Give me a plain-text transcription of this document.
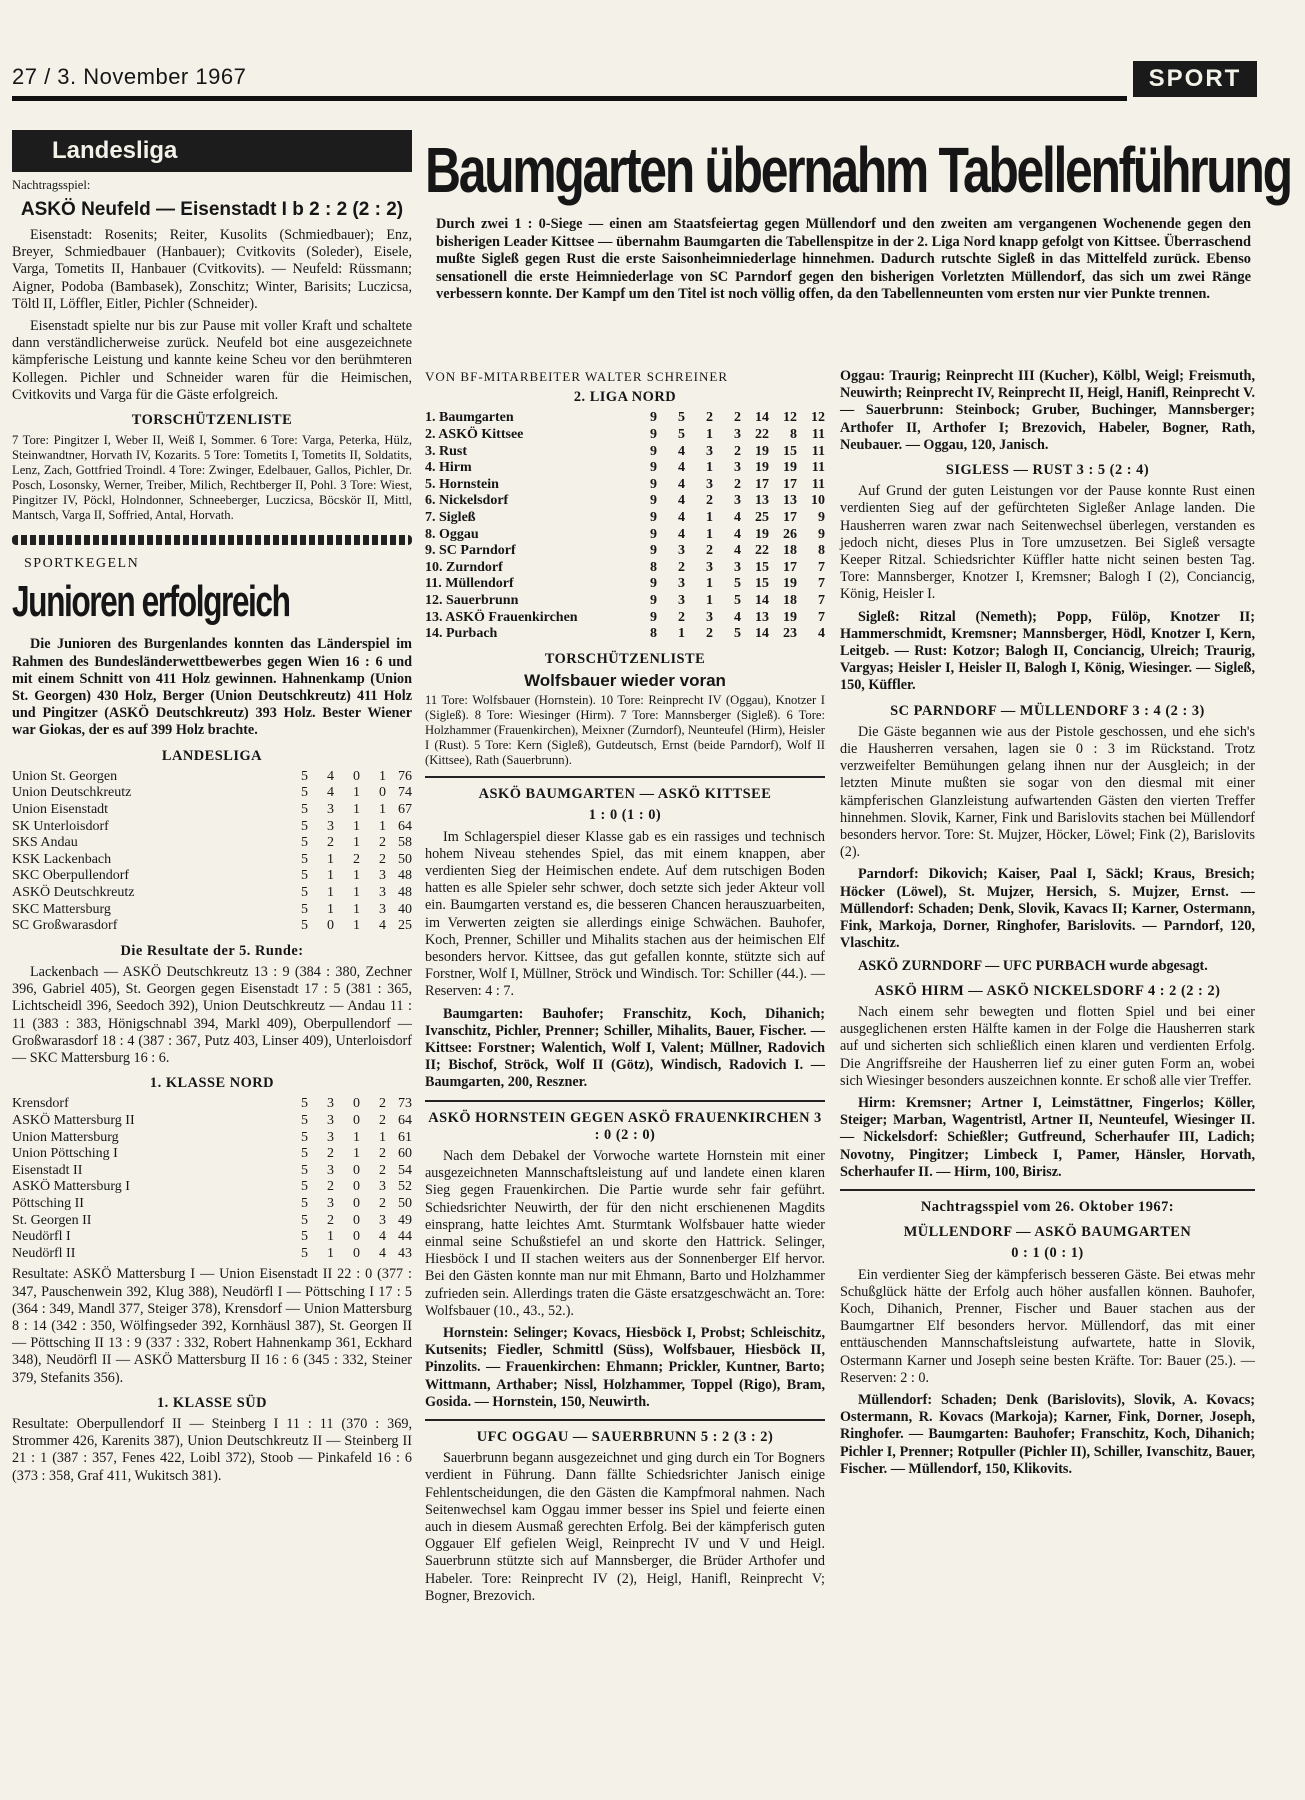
27 / 3. November 1967	SPORT
Landesliga
Nachtragsspiel:
ASKÖ Neufeld — Eisenstadt I b 2 : 2 (2 : 2)

Eisenstadt: Rosenits; Reiter, Kusolits (Schmiedbauer); Enz, Breyer, Schmiedbauer (Hanbauer); Cvitkovits (Soleder), Eisele, Varga, Tometits II, Hanbauer (Cvitkovits). — Neufeld: Rüssmann; Aigner, Podoba (Bambasek), Zonschitz; Winter, Barisits; Luczicsa, Töltl II, Löffler, Eitler, Pichler (Schneider).

Eisenstadt spielte nur bis zur Pause mit voller Kraft und schaltete dann verständlicherweise zurück. Neufeld bot eine ausgezeichnete kämpferische Leistung und kannte keine Scheu vor den berühmteren Kollegen. Pichler und Schneider waren für die Heimischen, Cvitkovits und Varga für die Gäste erfolgreich.

TORSCHÜTZENLISTE

7 Tore: Pingitzer I, Weber II, Weiß I, Sommer. 6 Tore: Varga, Peterka, Hülz, Steinwandtner, Horvath IV, Kozarits. 5 Tore: Tometits I, Tometits II, Soldatits, Lenz, Zach, Gottfried Troindl. 4 Tore: Zwinger, Edelbauer, Gallos, Pichler, Dr. Posch, Losonsky, Werner, Treiber, Milich, Rechtberger II, Pohl. 3 Tore: Wiest, Pingitzer IV, Pöckl, Holndonner, Schneeberger, Luczicsa, Böcskör II, Mittl, Mantsch, Varga II, Soffried, Antal, Horvath.

SPORTKEGELN
Junioren erfolgreich

Die Junioren des Burgenlandes konnten das Länderspiel im Rahmen des Bundesländerwettbewerbes gegen Wien 16 : 6 und mit einem Schnitt von 411 Holz gewinnen. Hahnenkamp (Union St. Georgen) 430 Holz, Berger (Union Deutschkreutz) 411 Holz und Pingitzer (ASKÖ Deutschkreutz) 393 Holz. Bester Wiener war Giokas, der es auf 399 Holz brachte.

LANDESLIGA
Union St. Georgen	5	4	0	1	76
Union Deutschkreutz	5	4	1	0	74
Union Eisenstadt	5	3	1	1	67
SK Unterloisdorf	5	3	1	1	64
SKS Andau	5	2	1	2	58
KSK Lackenbach	5	1	2	2	50
SKC Oberpullendorf	5	1	1	3	48
ASKÖ Deutschkreutz	5	1	1	3	48
SKC Mattersburg	5	1	1	3	40
SC Großwarasdorf	5	0	1	4	25
Die Resultate der 5. Runde:

Lackenbach — ASKÖ Deutschkreutz 13 : 9 (384 : 380, Zechner 396, Gabriel 405), St. Georgen gegen Eisenstadt 17 : 5 (381 : 365, Lichtscheidl 396, Seedoch 392), Union Deutschkreutz — Andau 11 : 11 (383 : 383, Hönigschnabl 394, Markl 409), Oberpullendorf — Großwarasdorf 18 : 4 (387 : 367, Putz 403, Linser 409), Unterloisdorf — SKC Mattersburg 16 : 6.

1. KLASSE NORD
Krensdorf	5	3	0	2	73
ASKÖ Mattersburg II	5	3	0	2	64
Union Mattersburg	5	3	1	1	61
Union Pöttsching I	5	2	1	2	60
Eisenstadt II	5	3	0	2	54
ASKÖ Mattersburg I	5	2	0	3	52
Pöttsching II	5	3	0	2	50
St. Georgen II	5	2	0	3	49
Neudörfl I	5	1	0	4	44
Neudörfl II	5	1	0	4	43

Resultate: ASKÖ Mattersburg I — Union Eisenstadt II 22 : 0 (377 : 347, Pauschenwein 392, Klug 388), Neudörfl I — Pöttsching I 17 : 5 (364 : 349, Mandl 377, Steiger 378), Krensdorf — Union Mattersburg 8 : 14 (342 : 350, Wölfingseder 392, Kornhäusl 387), St. Georgen II — Pöttsching II 13 : 9 (337 : 332, Robert Hahnenkamp 361, Eckhard 348), Neudörfl II — ASKÖ Mattersburg II 16 : 6 (345 : 332, Steiner 379, Stefanits 356).

1. KLASSE SÜD

Resultate: Oberpullendorf II — Steinberg I 11 : 11 (370 : 369, Strommer 426, Karenits 387), Union Deutschkreutz II — Steinberg II 21 : 1 (387 : 357, Fenes 422, Loibl 372), Stoob — Pinkafeld 16 : 6 (373 : 358, Graf 411, Wukitsch 381).

Baumgarten übernahm Tabellenführung
Durch zwei 1 : 0-Siege — einen am Staatsfeiertag gegen Müllendorf und den zweiten am vergangenen Wochenende gegen den bisherigen Leader Kittsee — übernahm Baumgarten die Tabellenspitze in der 2. Liga Nord knapp gefolgt von Kittsee. Überraschend mußte Sigleß gegen Rust die erste Saisonheimniederlage hinnehmen. Dadurch rutschte Sigleß in das Mittelfeld zurück. Ebenso sensationell die erste Heimniederlage von SC Parndorf gegen den bisherigen Vorletzten Müllendorf, das sich um zwei Ränge verbessern konnte. Der Kampf um den Titel ist noch völlig offen, da den Tabellenneunten vom ersten nur vier Punkte trennen.
VON BF-MITARBEITER WALTER SCHREINER
2. LIGA NORD
1. Baumgarten	9	5	2	2	14	12	12
2. ASKÖ Kittsee	9	5	1	3	22	8	11
3. Rust	9	4	3	2	19	15	11
4. Hirm	9	4	1	3	19	19	11
5. Hornstein	9	4	3	2	17	17	11
6. Nickelsdorf	9	4	2	3	13	13	10
7. Sigleß	9	4	1	4	25	17	9
8. Oggau	9	4	1	4	19	26	9
9. SC Parndorf	9	3	2	4	22	18	8
10. Zurndorf	8	2	3	3	15	17	7
11. Müllendorf	9	3	1	5	15	19	7
12. Sauerbrunn	9	3	1	5	14	18	7
13. ASKÖ Frauenkirchen	9	2	3	4	13	19	7
14. Purbach	8	1	2	5	14	23	4
TORSCHÜTZENLISTE
Wolfsbauer wieder voran

11 Tore: Wolfsbauer (Hornstein). 10 Tore: Reinprecht IV (Oggau), Knotzer I (Sigleß). 8 Tore: Wiesinger (Hirm). 7 Tore: Mannsberger (Sigleß). 6 Tore: Holzhammer (Frauenkirchen), Meixner (Zurndorf), Neunteufel (Hirm), Heisler I (Rust). 5 Tore: Kern (Sigleß), Gutdeutsch, Ernst (beide Parndorf), Wolf II (Kittsee), Rath (Sauerbrunn).

ASKÖ BAUMGARTEN — ASKÖ KITTSEE
1 : 0 (1 : 0)

Im Schlagerspiel dieser Klasse gab es ein rassiges und technisch hohem Niveau stehendes Spiel, das mit einem knappen, aber verdienten Sieg der Heimischen endete. Auf dem rutschigen Boden hatten es alle Spieler sehr schwer, doch setzte sich jeder Akteur voll ein. Baumgarten verstand es, die besseren Chancen herauszuarbeiten, im Verwerten zeigten sie allerdings einige Schwächen. Bauhofer, Koch, Prenner, Schiller und Mihalits stachen aus der heimischen Elf besonders hervor. Kittsee, das gut gefallen konnte, stützte sich auf Forstner, Wolf I, Müllner, Ströck und Windisch. Tor: Schiller (44.). — Reserven: 4 : 7.

Baumgarten: Bauhofer; Franschitz, Koch, Dihanich; Ivanschitz, Pichler, Prenner; Schiller, Mihalits, Bauer, Fischer. — Kittsee: Forstner; Walentich, Wolf I, Valent; Müllner, Radovich II; Bischof, Ströck, Wolf II (Götz), Windisch, Radovich I. — Baumgarten, 200, Reszner.

ASKÖ HORNSTEIN GEGEN ASKÖ FRAUENKIRCHEN 3 : 0 (2 : 0)

Nach dem Debakel der Vorwoche wartete Hornstein mit einer ausgezeichneten Mannschaftsleistung auf und landete einen klaren Sieg gegen Frauenkirchen. Die Partie wurde sehr fair geführt. Schiedsrichter Neuwirth, der für den nicht erschienenen Magdits einsprang, hatte leichtes Amt. Sturmtank Wolfsbauer hatte wieder einmal seine Schußstiefel an und skorte den Hattrick. Selinger, Hiesböck I und II stachen weiters aus der Sonnenberger Elf hervor. Bei den Gästen konnte man nur mit Ehmann, Barto und Holzhammer zufrieden sein. Allerdings traten die Gäste ersatzgeschwächt an. Tore: Wolfsbauer (10., 43., 52.).

Hornstein: Selinger; Kovacs, Hiesböck I, Probst; Schleischitz, Kutsenits; Fiedler, Schmittl (Süss), Wolfsbauer, Hiesböck II, Pinzolits. — Frauenkirchen: Ehmann; Prickler, Kuntner, Barto; Wittmann, Arthaber; Nissl, Holzhammer, Toppel (Rigo), Bram, Gosida. — Hornstein, 150, Neuwirth.

UFC OGGAU — SAUERBRUNN 5 : 2 (3 : 2)

Sauerbrunn begann ausgezeichnet und ging durch ein Tor Bogners verdient in Führung. Dann fällte Schiedsrichter Janisch einige Fehlentscheidungen, die den Gästen die Kampfmoral nahmen. Nach Seitenwechsel kam Oggau immer besser ins Spiel und feierte einen auch in diesem Ausmaß gerechten Erfolg. Bei der kämpferisch guten Oggauer Elf gefielen Weigl, Reinprecht IV und V und Heigl. Sauerbrunn stützte sich auf Mannsberger, die Brüder Arthofer und Habeler. Tore: Reinprecht IV (2), Heigl, Hanifl, Reinprecht V; Bogner, Brezovich.

Oggau: Traurig; Reinprecht III (Kucher), Kölbl, Weigl; Freismuth, Neuwirth; Reinprecht IV, Reinprecht II, Heigl, Hanifl, Reinprecht V. — Sauerbrunn: Steinbock; Gruber, Buchinger, Mannsberger; Arthofer II, Arthofer I; Brezovich, Habeler, Bogner, Rath, Neubauer. — Oggau, 120, Janisch.

SIGLESS — RUST 3 : 5 (2 : 4)

Auf Grund der guten Leistungen vor der Pause konnte Rust einen verdienten Sieg auf der gefürchteten Sigleßer Anlage landen. Die Hausherren waren zwar nach Seitenwechsel überlegen, verstanden es jedoch nicht, dieses Plus in Tore umzusetzen. Bei Sigleß versagte Keeper Ritzal. Schiedsrichter Küffler hatte nicht seinen besten Tag. Tore: Mannsberger, Knotzer I, Kremsner; Balogh I (2), Conciancig, König, Heisler I.

Sigleß: Ritzal (Nemeth); Popp, Fülöp, Knotzer II; Hammerschmidt, Kremsner; Mannsberger, Hödl, Knotzer I, Kern, Leitgeb. — Rust: Kotzor; Balogh II, Conciancig, Ulreich; Traurig, Vargyas; Heisler I, Heisler II, Balogh I, König, Wiesinger. — Sigleß, 150, Küffler.

SC PARNDORF — MÜLLENDORF 3 : 4 (2 : 3)

Die Gäste begannen wie aus der Pistole geschossen, und ehe sich's die Hausherren versahen, lagen sie 0 : 3 im Rückstand. Trotz verzweifelter Bemühungen gelang ihnen nur der Ausgleich; in der letzten Minute mußten sie sogar von den diesmal mit einer kämpferischen Glanzleistung aufwartenden Gästen den vierten Treffer hinnehmen. Slovik, Karner, Fink und Barislovits stachen bei Müllendorf besonders hervor. Tore: St. Mujzer, Höcker, Löwel; Fink (2), Barislovits (2).

Parndorf: Dikovich; Kaiser, Paal I, Säckl; Kraus, Bresich; Höcker (Löwel), St. Mujzer, Hersich, S. Mujzer, Ernst. — Müllendorf: Schaden; Denk, Slovik, Kavacs II; Karner, Ostermann, Fink, Markoja, Dorner, Ringhofer, Barislovits. — Parndorf, 120, Vlaschitz.

ASKÖ ZURNDORF — UFC PURBACH wurde abgesagt.

ASKÖ HIRM — ASKÖ NICKELSDORF 4 : 2 (2 : 2)

Nach einem sehr bewegten und flotten Spiel und bei einer ausgeglichenen ersten Hälfte kamen in der Folge die Hausherren stark auf und sicherten sich schließlich einen klaren und verdienten Erfolg. Die Angriffsreihe der Hausherren lief zu einer guten Form an, wobei sich Wiesinger besonders auszeichnen konnte. Er schoß alle vier Treffer.

Hirm: Kremsner; Artner I, Leimstättner, Fingerlos; Köller, Steiger; Marban, Wagentristl, Artner II, Neunteufel, Wiesinger II. — Nickelsdorf: Schießler; Gutfreund, Scherhaufer III, Ladich; Novotny, Pingitzer; Limbeck I, Pamer, Hänsler, Horvath, Scherhaufer II. — Hirm, 100, Birisz.

Nachtragsspiel vom 26. Oktober 1967:
MÜLLENDORF — ASKÖ BAUMGARTEN
0 : 1 (0 : 1)

Ein verdienter Sieg der kämpferisch besseren Gäste. Bei etwas mehr Schußglück hätte der Erfolg auch höher ausfallen können. Bauhofer, Koch, Dihanich, Prenner, Fischer und Bauer stachen aus der Baumgartner Elf besonders hervor. Müllendorf, das mit einer enttäuschenden Mannschaftsleistung aufwartete, hatte in Slovik, Ostermann Karner und Joseph seine besten Kräfte. Tor: Bauer (25.). — Reserven: 2 : 0.

Müllendorf: Schaden; Denk (Barislovits), Slovik, A. Kovacs; Ostermann, R. Kovacs (Markoja); Karner, Fink, Dorner, Joseph, Ringhofer. — Baumgarten: Bauhofer; Franschitz, Koch, Dihanich; Pichler I, Prenner; Rotpuller (Pichler II), Schiller, Ivanschitz, Bauer, Fischer. — Müllendorf, 150, Klikovits.
